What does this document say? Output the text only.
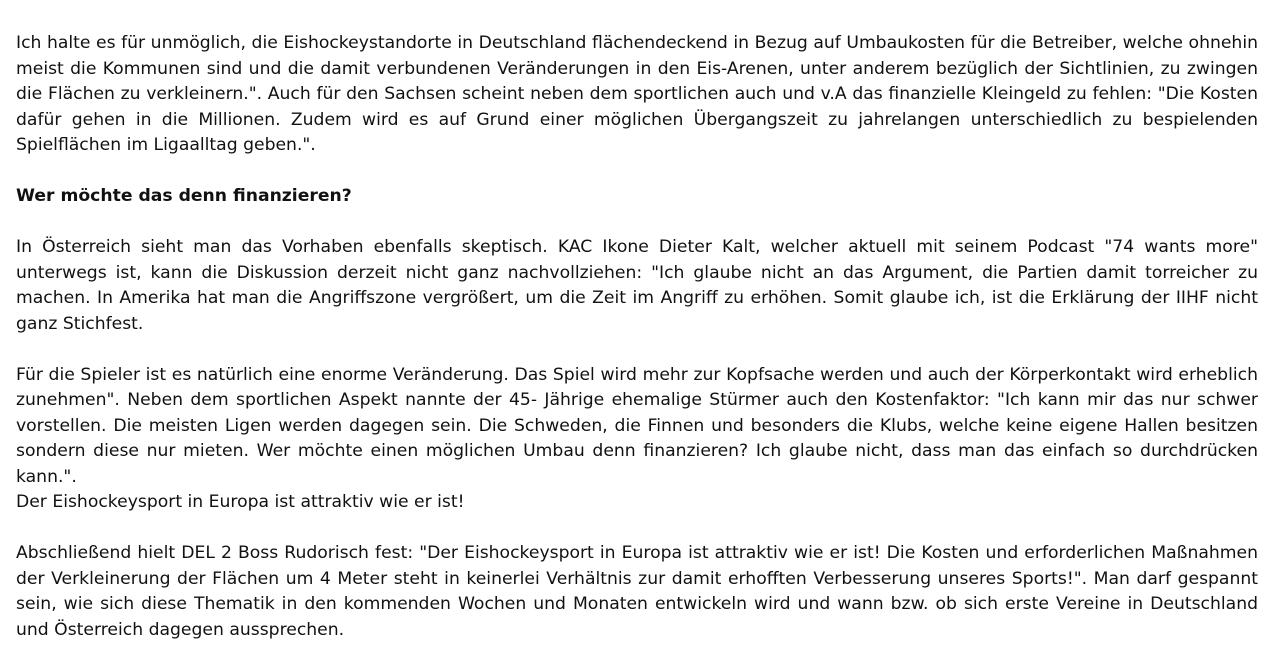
Ich halte es für unmöglich, die Eishockeystandorte in Deutschland flächendeckend in Bezug auf Umbaukosten für die Betreiber, welche ohnehin meist die Kommunen sind und die damit verbundenen Veränderungen in den Eis-Arenen, unter anderem bezüglich der Sichtlinien, zu zwingen die Flächen zu verkleinern.". Auch für den Sachsen scheint neben dem sportlichen auch und v.A das finanzielle Kleingeld zu fehlen: "Die Kosten dafür gehen in die Millionen. Zudem wird es auf Grund einer möglichen Übergangszeit zu jahrelangen unterschiedlich zu bespielenden Spielflächen im Ligaalltag geben.".

Wer möchte das denn finanzieren?

In Österreich sieht man das Vorhaben ebenfalls skeptisch. KAC Ikone Dieter Kalt, welcher aktuell mit seinem Podcast "74 wants more" unterwegs ist, kann die Diskussion derzeit nicht ganz nachvollziehen: "Ich glaube nicht an das Argument, die Partien damit torreicher zu machen. In Amerika hat man die Angriffszone vergrößert, um die Zeit im Angriff zu erhöhen. Somit glaube ich, ist die Erklärung der IIHF nicht ganz Stichfest.

Für die Spieler ist es natürlich eine enorme Veränderung. Das Spiel wird mehr zur Kopfsache werden und auch der Körperkontakt wird erheblich zunehmen". Neben dem sportlichen Aspekt nannte der 45- Jährige ehemalige Stürmer auch den Kostenfaktor: "Ich kann mir das nur schwer vorstellen. Die meisten Ligen werden dagegen sein. Die Schweden, die Finnen und besonders die Klubs, welche keine eigene Hallen besitzen sondern diese nur mieten. Wer möchte einen möglichen Umbau denn finanzieren? Ich glaube nicht, dass man das einfach so durchdrücken kann.".

Der Eishockeysport in Europa ist attraktiv wie er ist!

Abschließend hielt DEL 2 Boss Rudorisch fest: "Der Eishockeysport in Europa ist attraktiv wie er ist! Die Kosten und erforderlichen Maßnahmen der Verkleinerung der Flächen um 4 Meter steht in keinerlei Verhältnis zur damit erhofften Verbesserung unseres Sports!". Man darf gespannt sein, wie sich diese Thematik in den kommenden Wochen und Monaten entwickeln wird und wann bzw. ob sich erste Vereine in Deutschland und Österreich dagegen aussprechen.
